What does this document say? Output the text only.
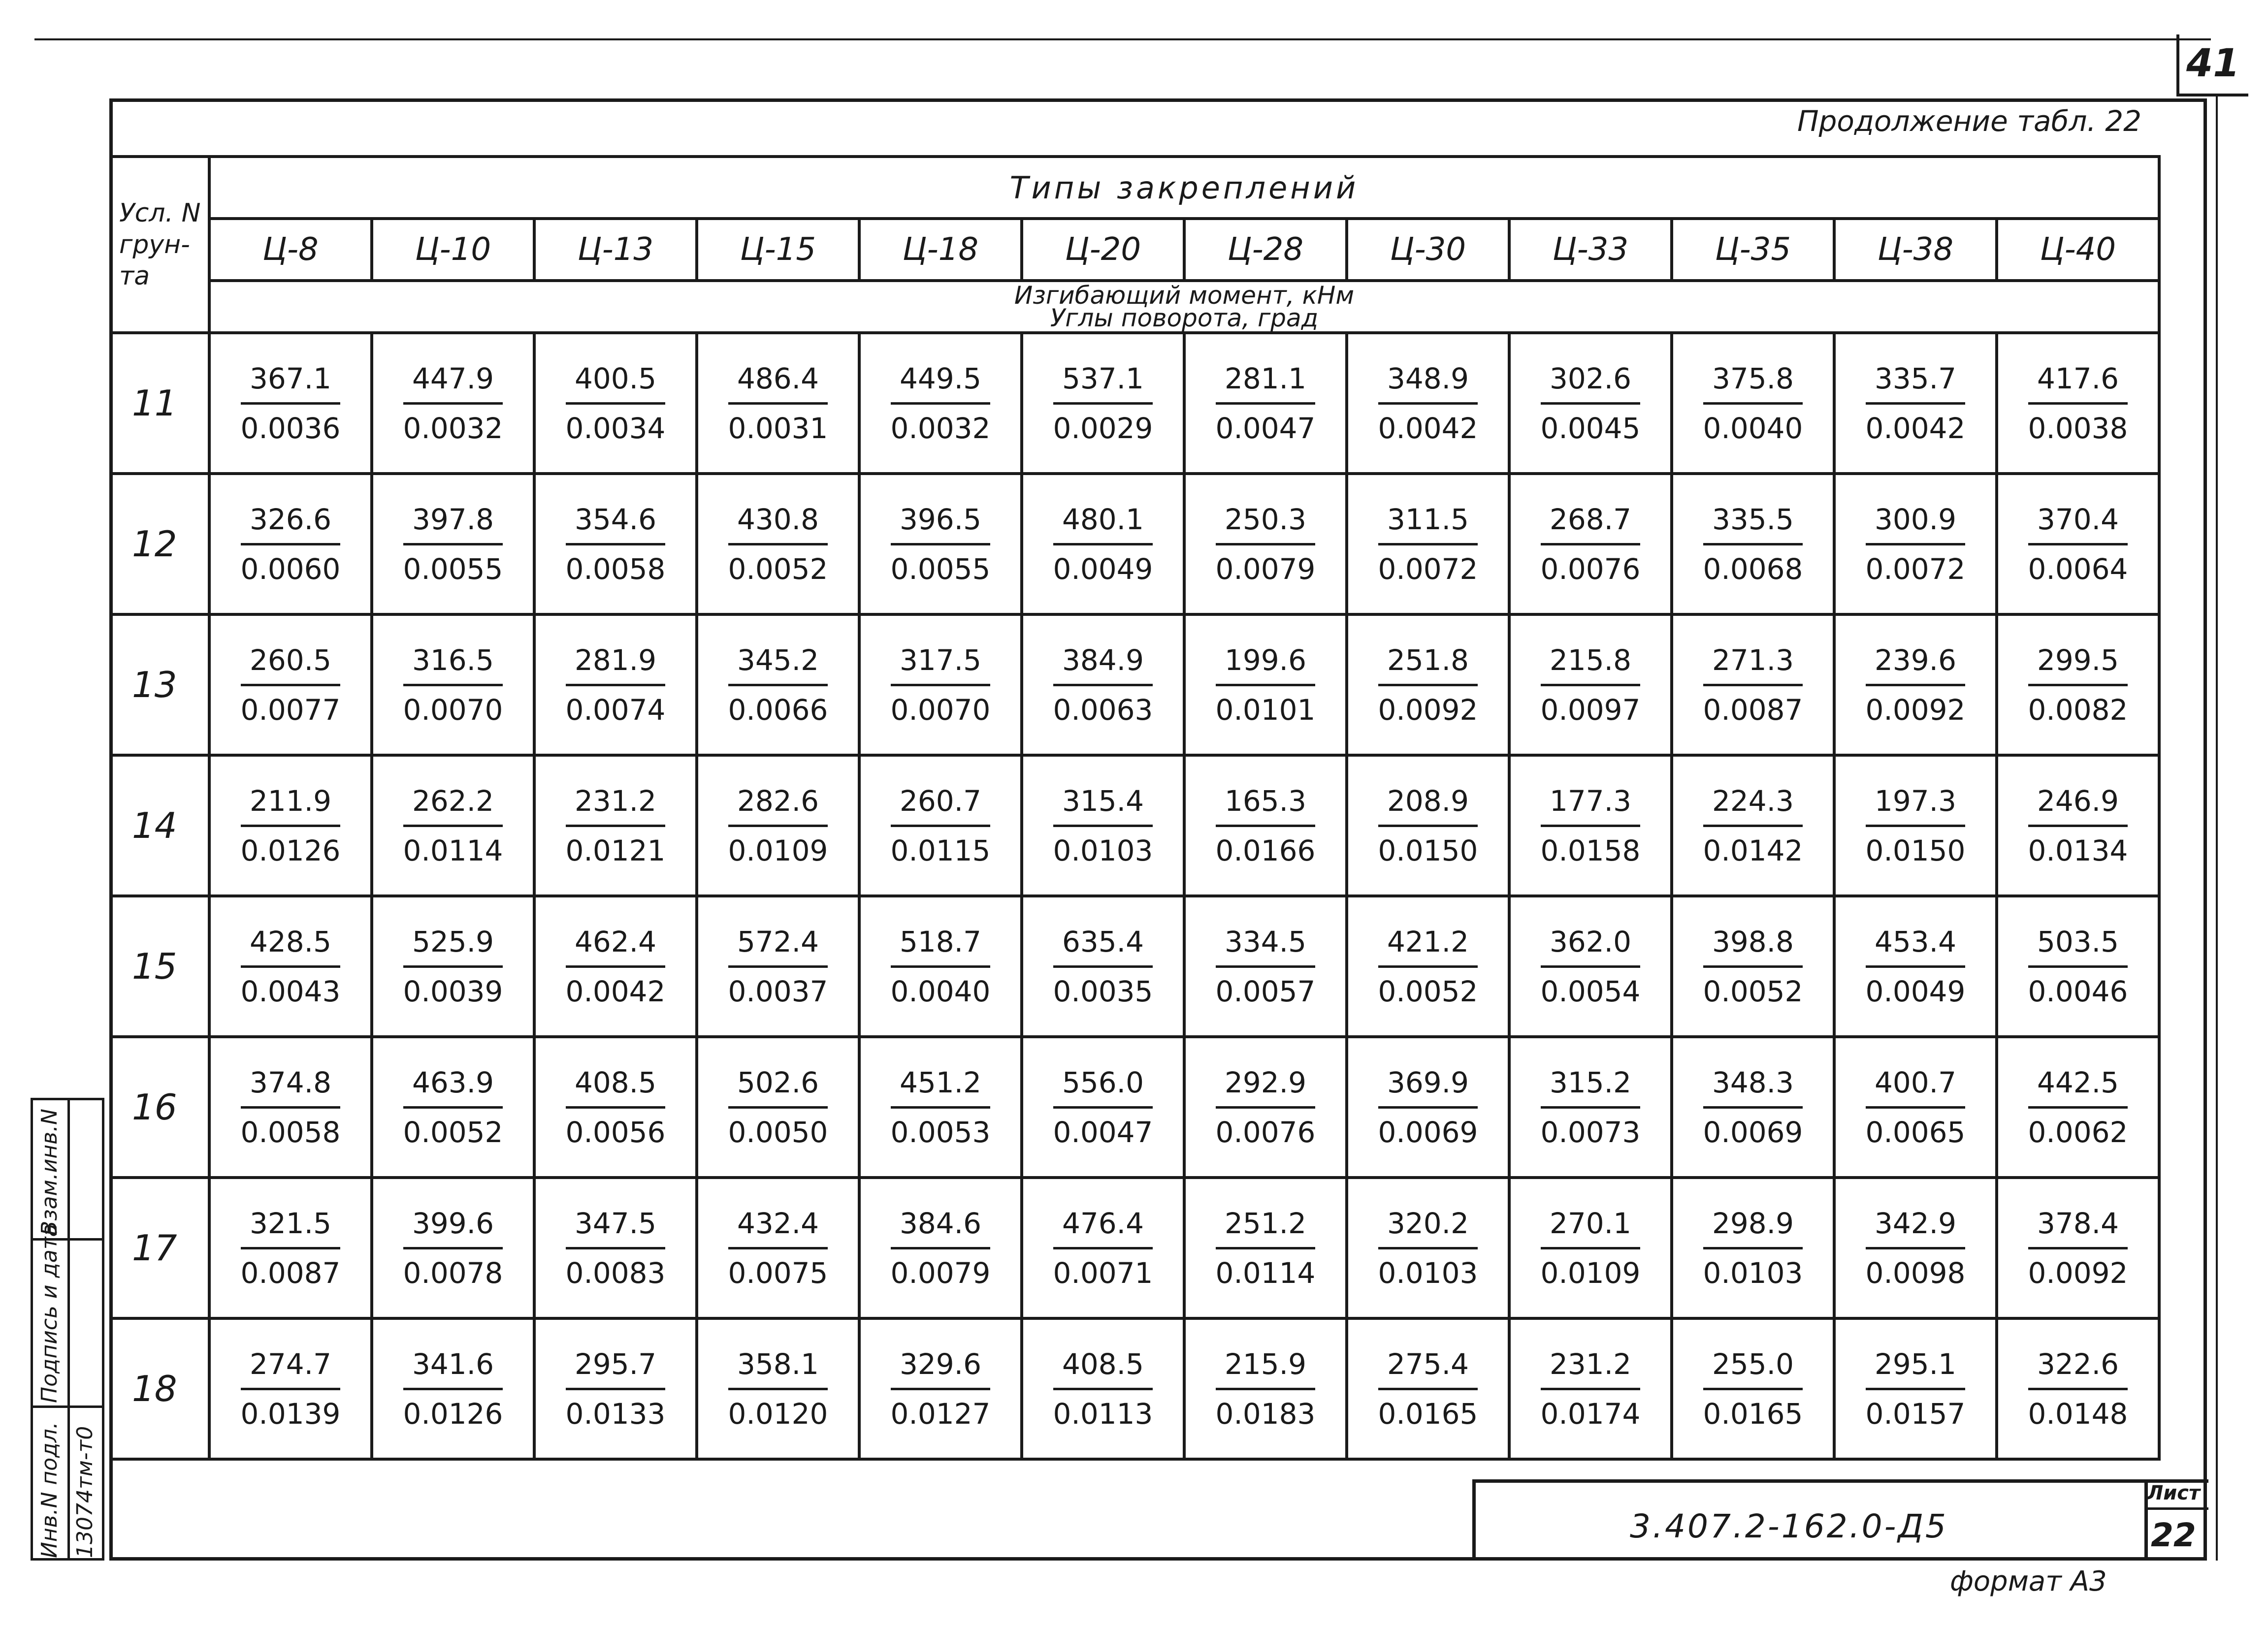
41
Продолжение табл. 22
Усл. N грун- та	Типы закреплений											
	Ц-8	Ц-10	Ц-13	Ц-15	Ц-18	Ц-20	Ц-28	Ц-30	Ц-33	Ц-35	Ц-38	Ц-40

	Изгибающий момент, кНм
Углы поворота, град											

11	$\frac{367.1}{0.0036}$	$\frac{447.9}{0.0032}$	$\frac{400.5}{0.0034}$	$\frac{486.4}{0.0031}$	$\frac{449.5}{0.0032}$	$\frac{537.1}{0.0029}$	$\frac{281.1}{0.0047}$	$\frac{348.9}{0.0042}$	$\frac{302.6}{0.0045}$	$\frac{375.8}{0.0040}$	$\frac{335.7}{0.0042}$	$\frac{417.6}{0.0038}$

12	$\frac{326.6}{0.0060}$	$\frac{397.8}{0.0055}$	$\frac{354.6}{0.0058}$	$\frac{430.8}{0.0052}$	$\frac{396.5}{0.0055}$	$\frac{480.1}{0.0049}$	$\frac{250.3}{0.0079}$	$\frac{311.5}{0.0072}$	$\frac{268.7}{0.0076}$	$\frac{335.5}{0.0068}$	$\frac{300.9}{0.0072}$	$\frac{370.4}{0.0064}$

13	$\frac{260.5}{0.0077}$	$\frac{316.5}{0.0070}$	$\frac{281.9}{0.0074}$	$\frac{345.2}{0.0066}$	$\frac{317.5}{0.0070}$	$\frac{384.9}{0.0063}$	$\frac{199.6}{0.0101}$	$\frac{251.8}{0.0092}$	$\frac{215.8}{0.0097}$	$\frac{271.3}{0.0087}$	$\frac{239.6}{0.0092}$	$\frac{299.5}{0.0082}$

14	$\frac{211.9}{0.0126}$	$\frac{262.2}{0.0114}$	$\frac{231.2}{0.0121}$	$\frac{282.6}{0.0109}$	$\frac{260.7}{0.0115}$	$\frac{315.4}{0.0103}$	$\frac{165.3}{0.0166}$	$\frac{208.9}{0.0150}$	$\frac{177.3}{0.0158}$	$\frac{224.3}{0.0142}$	$\frac{197.3}{0.0150}$	$\frac{246.9}{0.0134}$

15	$\frac{428.5}{0.0043}$	$\frac{525.9}{0.0039}$	$\frac{462.4}{0.0042}$	$\frac{572.4}{0.0037}$	$\frac{518.7}{0.0040}$	$\frac{635.4}{0.0035}$	$\frac{334.5}{0.0057}$	$\frac{421.2}{0.0052}$	$\frac{362.0}{0.0054}$	$\frac{398.8}{0.0052}$	$\frac{453.4}{0.0049}$	$\frac{503.5}{0.0046}$

16	$\frac{374.8}{0.0058}$	$\frac{463.9}{0.0052}$	$\frac{408.5}{0.0056}$	$\frac{502.6}{0.0050}$	$\frac{451.2}{0.0053}$	$\frac{556.0}{0.0047}$	$\frac{292.9}{0.0076}$	$\frac{369.9}{0.0069}$	$\frac{315.2}{0.0073}$	$\frac{348.3}{0.0069}$	$\frac{400.7}{0.0065}$	$\frac{442.5}{0.0062}$

17	$\frac{321.5}{0.0087}$	$\frac{399.6}{0.0078}$	$\frac{347.5}{0.0083}$	$\frac{432.4}{0.0075}$	$\frac{384.6}{0.0079}$	$\frac{476.4}{0.0071}$	$\frac{251.2}{0.0114}$	$\frac{320.2}{0.0103}$	$\frac{270.1}{0.0109}$	$\frac{298.9}{0.0103}$	$\frac{342.9}{0.0098}$	$\frac{378.4}{0.0092}$

18	$\frac{274.7}{0.0139}$	$\frac{341.6}{0.0126}$	$\frac{295.7}{0.0133}$	$\frac{358.1}{0.0120}$	$\frac{329.6}{0.0127}$	$\frac{408.5}{0.0113}$	$\frac{215.9}{0.0183}$	$\frac{275.4}{0.0165}$	$\frac{231.2}{0.0174}$	$\frac{255.0}{0.0165}$	$\frac{295.1}{0.0157}$	$\frac{322.6}{0.0148}$
Взам.инв.N
Подпись и дата
Инв.N подл. 13074тм-т0	3.407.2-162.0-Д5
Лист
22
формат А3
